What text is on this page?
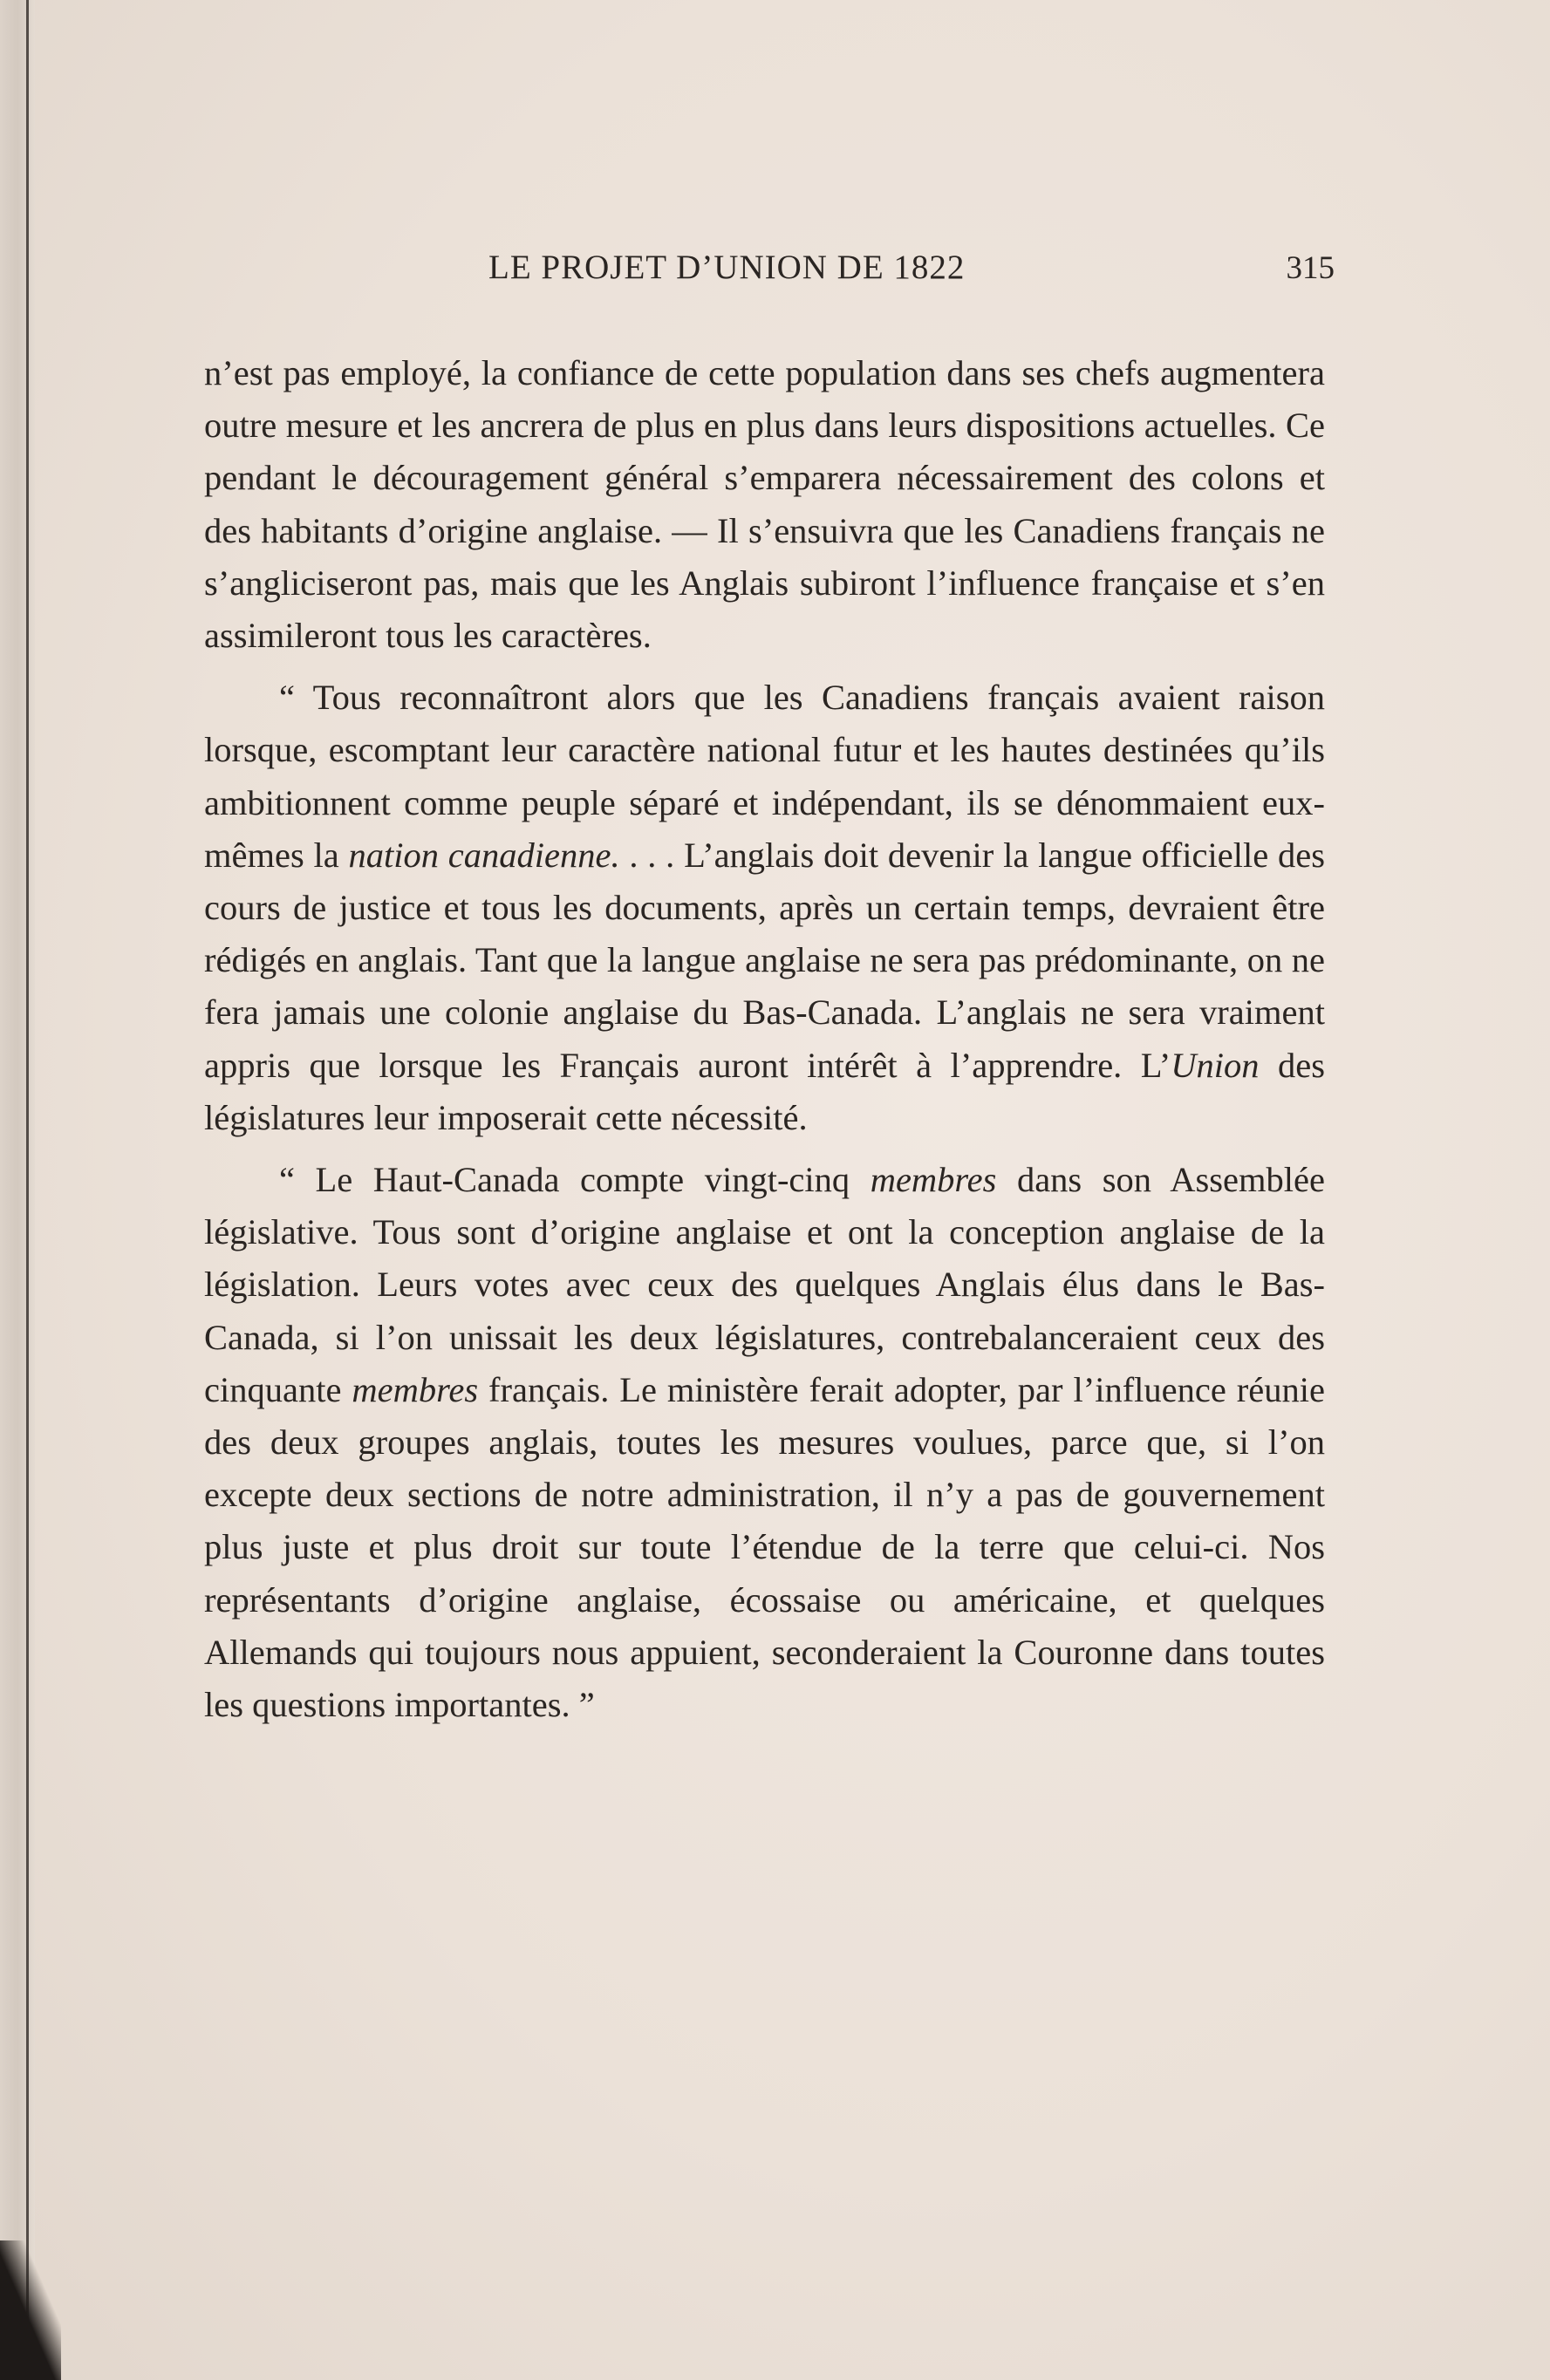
LE PROJET D’UNION DE 1822	315

n’est pas employé, la confiance de cette population dans ses chefs augmentera outre mesure et les ancrera de plus en plus dans leurs dispositions actuelles. Ce pendant le découragement général s’emparera nécessairement des colons et des habitants d’origine anglaise. — Il s’ensuivra que les Canadiens français ne s’angliciseront pas, mais que les Anglais subiront l’influence française et s’en assimileront tous les caractères.

“ Tous reconnaîtront alors que les Canadiens français avaient raison lorsque, escomptant leur caractère national futur et les hautes destinées qu’ils ambitionnent comme peuple séparé et indépendant, ils se dénommaient eux-mêmes la nation canadienne. . . . L’anglais doit devenir la langue officielle des cours de justice et tous les documents, après un certain temps, devraient être rédigés en anglais. Tant que la langue anglaise ne sera pas prédominante, on ne fera jamais une colonie anglaise du Bas-Canada. L’anglais ne sera vraiment appris que lorsque les Français auront intérêt à l’apprendre. L’Union des législatures leur imposerait cette nécessité.

“ Le Haut-Canada compte vingt-cinq membres dans son Assemblée législative. Tous sont d’origine anglaise et ont la conception anglaise de la législation. Leurs votes avec ceux des quelques Anglais élus dans le Bas-Canada, si l’on unissait les deux législatures, contrebalanceraient ceux des cinquante membres français. Le ministère ferait adopter, par l’influence réunie des deux groupes anglais, toutes les mesures voulues, parce que, si l’on excepte deux sections de notre administration, il n’y a pas de gouvernement plus juste et plus droit sur toute l’étendue de la terre que celui-ci. Nos représentants d’origine anglaise, écossaise ou américaine, et quelques Allemands qui toujours nous appuient, seconderaient la Couronne dans toutes les questions importantes. ”
